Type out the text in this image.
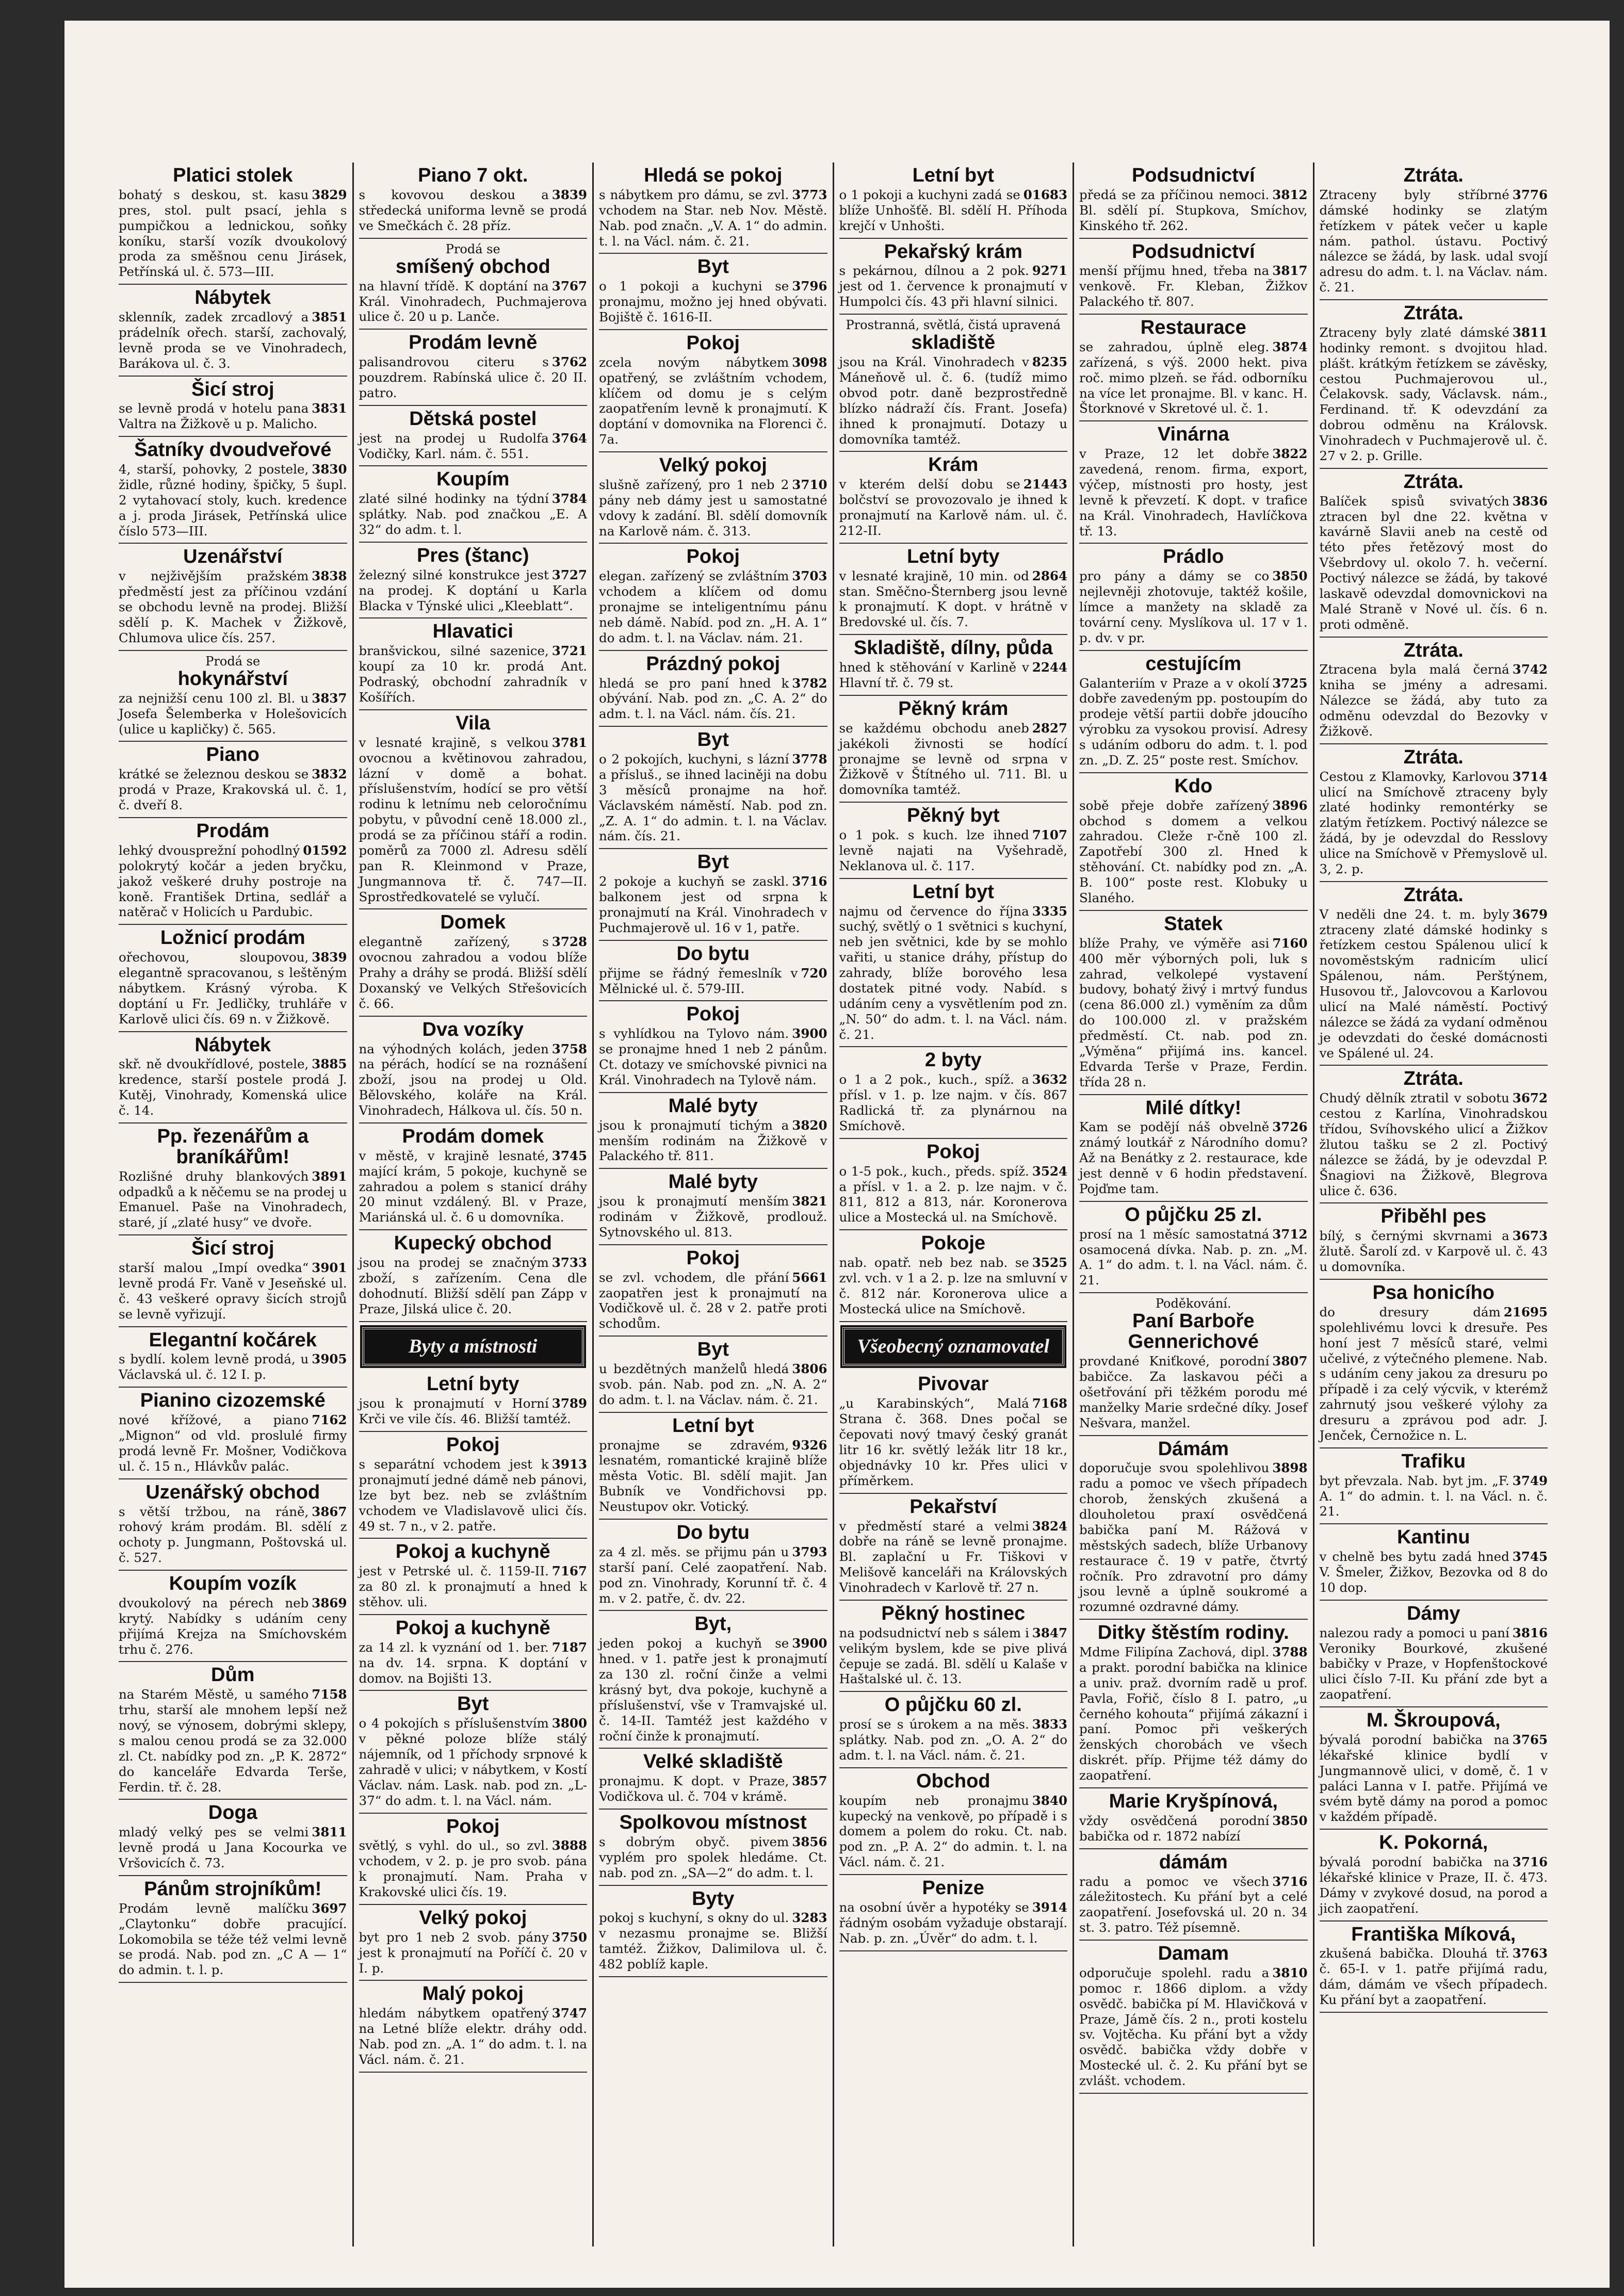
Platici stolek
3829
bohatý s deskou, st. kasu pres, stol. pult psací, jehla s pumpičkou a lednickou, soňky koníku, starší vozík dvoukolový proda za směšnou cenu Jirásek, Petřínská ul. č. 573—III.
Nábytek
3851
sklenník, zadek zrcadlový a prádelník ořech. starší, zachovalý, levně proda se ve Vinohradech, Barákova ul. č. 3.
Šicí stroj
3831
se levně prodá v hotelu pana Valtra na Žižkově u p. Malicho.
Šatníky dvoudveřové
3830
4, starší, pohovky, 2 postele, židle, různé hodiny, špičky, 5 šupl. 2 vytahovací stoly, kuch. kredence a j. proda Jirásek, Petřínská ulice číslo 573—III.
Uzenářství
3838
v nejživějším pražském předměstí jest za příčinou vzdání se obchodu levně na prodej. Bližší sdělí p. K. Machek v Žižkově, Chlumova ulice čís. 257.
Prodá se
hokynářství
3837
za nejnižší cenu 100 zl. Bl. u Josefa Šelemberka v Holešovicích (ulice u kapličky) č. 565.
Piano
3832
krátké se železnou deskou se prodá v Praze, Krakovská ul. č. 1, č. dveří 8.
Prodám
01592
lehký dvousprežní pohodlný polokrytý kočár a jeden bryčku, jakož veškeré druhy postroje na koně. František Drtina, sedlář a natěrač v Holicích u Pardubic.
Ložnicí prodám
3839
ořechovou, sloupovou, elegantně spracovanou, s leštěným nábytkem. Krásný výroba. K doptání u Fr. Jedličky, truhláře v Karlově ulici čís. 69 n. v Žižkově.
Nábytek
3885
skř. ně dvoukřídlové, postele, kredence, starší postele prodá J. Kutěj, Vinohrady, Komenská ulice č. 14.
Pp. řezenářům a braníkářům!
3891
Rozlišné druhy blankových odpadků a k něčemu se na prodej u Emanuel. Paše na Vinohradech, staré, jí „zlaté husy“ ve dvoře.
Šicí stroj
3901
starší malou „Impí ovedka“ levně prodá Fr. Vaně v Jeseňské ul. č. 43 veškeré opravy šicích strojů se levně vyřizují.
Elegantní kočárek
3905
s bydlí. kolem levně prodá, u Václavská ul. č. 12 I. p.
Pianino cizozemské
7162
nové křížové, a piano „Mignon“ od vld. proslulé firmy prodá levně Fr. Mošner, Vodičkova ul. č. 15 n., Hlávkův palác.
Uzenářský obchod
3867
s větší tržbou, na ráně, rohový krám prodám. Bl. sdělí z ochoty p. Jungmann, Poštovská ul. č. 527.
Koupím vozík
3869
dvoukolový na pérech neb krytý. Nabídky s udáním ceny přijímá Krejza na Smíchovském trhu č. 276.
Dům
7158
na Starém Městě, u samého trhu, starší ale mnohem lepší než nový, se výnosem, dobrými sklepy, s malou cenou prodá se za 32.000 zl. Ct. nabídky pod zn. „P. K. 2872“ do kanceláře Edvarda Terše, Ferdin. tř. č. 28.
Doga
3811
mladý velký pes se velmi levně prodá u Jana Kocourka ve Vršovicích č. 73.
Pánům strojníkům!
3697
Prodám levně malíčku „Claytonku“ dobře pracující. Lokomobila se téže též velmi levně se prodá. Nab. pod zn. „C A — 1“ do admin. t. l. p.
Piano 7 okt.
3839
s kovovou deskou a středecká uniforma levně se prodá ve Smečkách č. 28 příz.
Prodá se
smíšený obchod
3767
na hlavní třídě. K doptání na Král. Vinohradech, Puchmajerova ulice č. 20 u p. Lanče.
Prodám levně
3762
palisandrovou citeru s pouzdrem. Rabínská ulice č. 20 II. patro.
Dětská postel
3764
jest na prodej u Rudolfa Vodičky, Karl. nám. č. 551.
Koupím
3784
zlaté silné hodinky na týdní splátky. Nab. pod značkou „E. A 32“ do adm. t. l.
Pres (štanc)
3727
železný silné konstrukce jest na prodej. K doptání u Karla Blacka v Týnské ulici „Kleeblatt“.
Hlavatici
3721
branšvickou, silné sazenice, koupí za 10 kr. prodá Ant. Podraský, obchodní zahradník v Košířích.
Vila
3781
v lesnaté krajině, s velkou ovocnou a květinovou zahradou, lázní v domě a bohat. příslušenstvím, hodící se pro větší rodinu k letnímu neb celoročnímu pobytu, v původní ceně 18.000 zl., prodá se za příčinou stáří a rodin. poměrů za 7000 zl. Adresu sdělí pan R. Kleinmond v Praze, Jungmannova tř. č. 747—II. Sprostředkovatelé se vylučí.
Domek
3728
elegantně zařízený, s ovocnou zahradou a vodou blíže Prahy a dráhy se prodá. Bližší sdělí Doxanský ve Velkých Střešovicích č. 66.
Dva vozíky
3758
na výhodných kolách, jeden na pérách, hodící se na roznášení zboží, jsou na prodej u Old. Bělovského, koláře na Král. Vinohradech, Hálkova ul. čís. 50 n.
Prodám domek
3745
v městě, v krajině lesnaté, mající krám, 5 pokoje, kuchyně se zahradou a polem s stanicí dráhy 20 minut vzdálený. Bl. v Praze, Mariánská ul. č. 6 u domovníka.
Kupecký obchod
3733
jsou na prodej se značným zboží, s zařízením. Cena dle dohodnutí. Bližší sdělí pan Zápp v Praze, Jilská ulice č. 20.
Byty a místnosti
Letní byty
3789
jsou k pronajmutí v Horní Krči ve vile čís. 46. Bližší tamtéž.
Pokoj
3913
s separátní vchodem jest k pronajmutí jedné dámě neb pánovi, lze byt bez. neb se zvláštním vchodem ve Vladislavově ulici čís. 49 st. 7 n., v 2. patře.
Pokoj a kuchyně
7167
jest v Petrské ul. č. 1159-II. za 80 zl. k pronajmutí a hned k stěhov. uli.
Pokoj a kuchyně
7187
za 14 zl. k vyznání od 1. ber. na dv. 14. srpna. K doptání v domov. na Bojišti 13.
Byt
3800
o 4 pokojích s příslušenstvím v pěkné poloze blíže stálý nájemník, od 1 příchody srpnové k zahradě v ulici; v nábytkem, v Kostí Václav. nám. Lask. nab. pod zn. „L-37“ do adm. t. l. na Václ. nám.
Pokoj
3888
světlý, s vyhl. do ul., so zvl. vchodem, v 2. p. je pro svob. pána k pronajmutí. Nam. Praha v Krakovské ulici čís. 19.
Velký pokoj
3750
byt pro 1 neb 2 svob. pány jest k pronajmutí na Poříčí č. 20 v I. p.
Malý pokoj
3747
hledám nábytkem opatřený na Letné blíže elektr. dráhy odd. Nab. pod zn. „A. 1“ do adm. t. l. na Václ. nám. č. 21.
Hledá se pokoj
3773
s nábytkem pro dámu, se zvl. vchodem na Star. neb Nov. Městě. Nab. pod značn. „V. A. 1“ do admin. t. l. na Václ. nám. č. 21.
Byt
3796
o 1 pokoji a kuchyni se pronajmu, možno jej hned obývati. Bojiště č. 1616-II.
Pokoj
3098
zcela novým nábytkem opatřený, se zvláštním vchodem, klíčem od domu je s celým zaopatřením levně k pronajmutí. K doptání v domovnika na Florenci č. 7a.
Velký pokoj
3710
slušně zařízený, pro 1 neb 2 pány neb dámy jest u samostatné vdovy k zadání. Bl. sdělí domovník na Karlově nám. č. 313.
Pokoj
3703
elegan. zařízený se zvláštním vchodem a klíčem od domu pronajme se inteligentnímu pánu neb dámě. Nabíd. pod zn. „H. A. 1“ do adm. t. l. na Václav. nám. 21.
Prázdný pokoj
3782
hledá se pro paní hned k obývání. Nab. pod zn. „C. A. 2“ do adm. t. l. na Václ. nám. čís. 21.
Byt
3778
o 2 pokojích, kuchyni, s lázní a přísluš., se ihned laciněji na dobu 3 měsíců pronajme na hoř. Václavském náměstí. Nab. pod zn. „Z. A. 1“ do admin. t. l. na Václav. nám. čís. 21.
Byt
3716
2 pokoje a kuchyň se zaskl. balkonem jest od srpna k pronajmutí na Král. Vinohradech v Puchmajerově ul. 16 v 1, patře.
Do bytu
720
přijme se řádný řemeslník v Mělnické ul. č. 579-III.
Pokoj
3900
s vyhlídkou na Tylovo nám. se pronajme hned 1 neb 2 pánům. Ct. dotazy ve smíchovské pivnici na Král. Vinohradech na Tylově nám.
Malé byty
3820
jsou k pronajmutí tichým a menším rodinám na Žižkově v Palackého tř. 811.
Malé byty
3821
jsou k pronajmutí menším rodinám v Žižkově, prodlouž. Sytnovského ul. 813.
Pokoj
5661
se zvl. vchodem, dle přání zaopatřen jest k pronajmutí na Vodičkově ul. č. 28 v 2. patře proti schodům.
Byt
3806
u bezdětných manželů hledá svob. pán. Nab. pod zn. „N. A. 2“ do adm. t. l. na Václav. nám. č. 21.
Letní byt
9326
pronajme se zdravém, lesnatém, romantické krajině blíže města Votic. Bl. sdělí majit. Jan Bubník ve Vondřichovsi pp. Neustupov okr. Votický.
Do bytu
3793
za 4 zl. měs. se přijmu pán u starší paní. Celé zaopatření. Nab. pod zn. Vinohrady, Korunní tř. č. 4 m. v 2. patře, č. dv. 22.
Byt,
3900
jeden pokoj a kuchyň se hned. v 1. patře jest k pronajmutí za 130 zl. roční činže a velmi krásný byt, dva pokoje, kuchyně a příslušenství, vše v Tramvajské ul. č. 14-II. Tamtéž jest každého v roční činže k pronajmutí.
Velké skladiště
3857
pronajmu. K dopt. v Praze, Vodičkova ul. č. 704 v krámě.
Spolkovou místnost
3856
s dobrým obyč. pivem vyplém pro spolek hledáme. Ct. nab. pod zn. „SA—2“ do adm. t. l.
Byty
3283
pokoj s kuchyní, s okny do ul. v nezasmu pronajme se. Bližší tamtéž. Žižkov, Dalimilova ul. č. 482 poblíž kaple.
Letní byt
01683
o 1 pokoji a kuchyni zadá se blíže Unhošťě. Bl. sdělí H. Příhoda krejčí v Unhošti.
Pekařský krám
9271
s pekárnou, dílnou a 2 pok. jest od 1. července k pronajmutí v Humpolci čís. 43 při hlavní silnici.
Prostranná, světlá, čistá upravená
skladiště
8235
jsou na Král. Vinohradech v Máneňově ul. č. 6. (tudíž mimo obvod potr. daně bezprostředně blízko nádraží čís. Frant. Josefa) ihned k pronajmutí. Dotazy u domovníka tamtéž.
Krám
21443
v kterém delší dobu se bolčství se provozovalo je ihned k pronajmutí na Karlově nám. ul. č. 212-II.
Letní byty
2864
v lesnaté krajině, 10 min. od stan. Směčno-Šternberg jsou levně k pronajmutí. K dopt. v hrátně v Bredovské ul. čís. 7.
Skladiště, dílny, půda
2244
hned k stěhování v Karlině v Hlavní tř. č. 79 st.
Pěkný krám
2827
se každému obchodu aneb jakékoli živnosti se hodící pronajme se levně od srpna v Žižkově v Štítného ul. 711. Bl. u domovníka tamtéž.
Pěkný byt
7107
o 1 pok. s kuch. lze ihned levně najati na Vyšehradě, Neklanova ul. č. 117.
Letní byt
3335
najmu od července do října suchý, světlý o 1 světnici s kuchyní, neb jen světnici, kde by se mohlo vařiti, u stanice dráhy, přístup do zahrady, blíže borového lesa dostatek pitné vody. Nabíd. s udáním ceny a vysvětlením pod zn. „N. 50“ do adm. t. l. na Václ. nám. č. 21.
2 byty
3632
o 1 a 2 pok., kuch., spíž. a přísl. v 1. p. lze najm. v čís. 867 Radlická tř. za plynárnou na Smíchově.
Pokoj
3524
o 1-5 pok., kuch., předs. spíž. a přísl. v 1. a 2. p. lze najm. v č. 811, 812 a 813, nár. Koronerova ulice a Mostecká ul. na Smíchově.
Pokoje
3525
nab. opatř. neb bez nab. se zvl. vch. v 1 a 2. p. lze na smluvní v č. 812 nár. Koronerova ulice a Mostecká ulice na Smíchově.
Všeobecný oznamovatel
Pivovar
7168
„u Karabinských“, Malá Strana č. 368. Dnes počal se čepovati nový tmavý český granát litr 16 kr. světlý ležák litr 18 kr., objednávky 10 kr. Přes ulici v příměrkem.
Pekařství
3824
v předměstí staré a velmi dobře na ráně se levně pronajme. Bl. zaplační u Fr. Tiškovi v Melišově kanceláři na Královských Vinohradech v Karlově tř. 27 n.
Pěkný hostinec
3847
na podsudnictví neb s sálem i velikým byslem, kde se pive plivá čepuje se zadá. Bl. sdělí u Kalaše v Haštalské ul. č. 13.
O půjčku 60 zl.
3833
prosí se s úrokem a na měs. splátky. Nab. pod zn. „O. A. 2“ do adm. t. l. na Václ. nám. č. 21.
Obchod
3840
koupím neb pronajmu kupecký na venkově, po případě i s domem a polem do roku. Ct. nab. pod zn. „P. A. 2“ do admin. t. l. na Václ. nám. č. 21.
Penize
3914
na osobní úvěr a hypotéky se řádným osobám vyžaduje obstarají. Nab. p. zn. „Úvěr“ do adm. t. l.
Podsudnictví
3812
předá se za příčinou nemoci. Bl. sdělí pí. Stupkova, Smíchov, Kinského tř. 262.
Podsudnictví
3817
menší příjmu hned, třeba na venkově. Fr. Kleban, Žižkov Palackého tř. 807.
Restaurace
3874
se zahradou, úplně eleg. zařízená, s výš. 2000 hekt. piva roč. mimo plzeň. se řád. odborníku na více let pronajme. Bl. v kanc. H. Štorknové v Skretové ul. č. 1.
Vinárna
3822
v Praze, 12 let dobře zavedená, renom. firma, export, výčep, místnosti pro hosty, jest levně k převzetí. K dopt. v trafice na Král. Vinohradech, Havlíčkova tř. 13.
Prádlo
3850
pro pány a dámy se co nejlevněji zhotovuje, taktéž košile, límce a manžety na skladě za tovární ceny. Myslíkova ul. 17 v 1. p. dv. v pr.
cestujícím
3725
Galanteriím v Praze a v okolí dobře zavedeným pp. postoupím do prodeje větší partii dobře jdoucího výrobku za vysokou provisí. Adresy s udáním odboru do adm. t. l. pod zn. „D. Z. 25“ poste rest. Smíchov.
Kdo
3896
sobě přeje dobře zařízený obchod s domem a velkou zahradou. Cleže r-čně 100 zl. Zapotřebí 300 zl. Hned k stěhování. Ct. nabídky pod zn. „A. B. 100“ poste rest. Klobuky u Slaného.
Statek
7160
blíže Prahy, ve výměře asi 400 měr výborných poli, luk s zahrad, velkolepé vystavení budovy, bohatý živý i mrtvý fundus (cena 86.000 zl.) vyměním za dům do 100.000 zl. v pražském předměstí. Ct. nab. pod zn. „Výměna“ přijímá ins. kancel. Edvarda Terše v Praze, Ferdin. třída 28 n.
Milé dítky!
3726
Kam se podějí náš obvelně známý loutkář z Národního domu? Až na Benátky z 2. restaurace, kde jest denně v 6 hodin představení. Pojďme tam.
O půjčku 25 zl.
3712
prosí na 1 měsíc samostatná osamocená dívka. Nab. p. zn. „M. A. 1“ do adm. t. l. na Václ. nám. č. 21.
Poděkování.
Paní Barboře Gennerichové
3807
provdané Kniťkové, porodní babičce. Za laskavou péči a ošetřování při těžkém porodu mé manželky Marie srdečné díky. Josef Nešvara, manžel.
Dámám
3898
doporučuje svou spolehlivou radu a pomoc ve všech případech chorob, ženských zkušená a dlouholetou praxí osvědčená babička paní M. Rážová v městských sadech, blíže Urbanovy restaurace č. 19 v patře, čtvrtý ročník. Pro zdravotní pro dámy jsou levně a úplně soukromé a rozumné ozdravné dámy.
Ditky štěstím rodiny.
3788
Mdme Filipína Zachová, dipl. a prakt. porodní babička na klinice a univ. praž. dvorním radě u prof. Pavla, Fořič, číslo 8 I. patro, „u černého kohouta“ přijímá zákazní i paní. Pomoc při veškerých ženských chorobách ve všech diskrét. příp. Přijme též dámy do zaopatření.
Marie Kryšpínová,
3850
vždy osvědčená porodní babička od r. 1872 nabízí
dámám
3716
radu a pomoc ve všech záležitostech. Ku přání byt a celé zaopatření. Josefovská ul. 20 n. 34 st. 3. patro. Též písemně.
Damam
3810
odporučuje spolehl. radu a pomoc r. 1866 diplom. a vždy osvědč. babička pí M. Hlavičková v Praze, Jámě čís. 2 n., proti kostelu sv. Vojtěcha. Ku přání byt a vždy osvědč. babička vždy dobře v Mostecké ul. č. 2. Ku přání byt se zvlášt. vchodem.
Ztráta.
3776
Ztraceny byly stříbrné dámské hodinky se zlatým řetízkem v pátek večer u kaple nám. pathol. ústavu. Poctivý nálezce se žádá, by lask. udal svojí adresu do adm. t. l. na Václav. nám. č. 21.
Ztráta.
3811
Ztraceny byly zlaté dámské hodinky remont. s dvojitou hlad. plášt. krátkým řetízkem se závěsky, cestou Puchmajerovou ul., Čelakovsk. sady, Václavsk. nám., Ferdinand. tř. K odevzdání za dobrou odměnu na Královsk. Vinohradech v Puchmajerově ul. č. 27 v 2. p. Grille.
Ztráta.
3836
Balíček spisů svivatých ztracen byl dne 22. května v kavárně Slavii aneb na cestě od této přes řetězový most do Všebrdovy ul. okolo 7. h. večerní. Poctivý nálezce se žádá, by takové laskavě odevzdal domovnickovi na Malé Straně v Nové ul. čís. 6 n. proti odměně.
Ztráta.
3742
Ztracena byla malá černá kniha se jmény a adresami. Nálezce se žádá, aby tuto za odměnu odevzdal do Bezovky v Žižkově.
Ztráta.
3714
Cestou z Klamovky, Karlovou ulicí na Smíchově ztraceny byly zlaté hodinky remontérky se zlatým řetízkem. Poctivý nálezce se žádá, by je odevzdal do Resslovy ulice na Smíchově v Přemyslově ul. 3, 2. p.
Ztráta.
3679
V neděli dne 24. t. m. byly ztraceny zlaté dámské hodinky s řetízkem cestou Spálenou ulicí k novoměstským radnicím ulicí Spálenou, nám. Perštýnem, Husovou tř., Jalovcovou a Karlovou ulicí na Malé náměstí. Poctivý nálezce se žádá za vydaní odměnou je odevzdati do české domácnosti ve Spálené ul. 24.
Ztráta.
3672
Chudý dělník ztratil v sobotu cestou z Karlína, Vinohradskou třídou, Svíhovského ulicí a Žižkov žlutou tašku se 2 zl. Poctivý nálezce se žádá, by je odevzdal P. Šnagiovi na Žižkově, Blegrova ulice č. 636.
Přiběhl pes
3673
bílý, s černými skvrnami a žlutě. Šarolí zd. v Karpově ul. č. 43 u domovníka.
Psa honicího
21695
do dresury dám spolehlivému lovci k dresuře. Pes honí jest 7 měsíců staré, velmi učelivé, z výtečného plemene. Nab. s udáním ceny jakou za dresuru po případě i za celý výcvik, v kterémž zahrnutý jsou veškeré výlohy za dresuru a zprávou pod adr. J. Jenček, Černožice n. L.
Trafiku
3749
byt převzala. Nab. byt jm. „F. A. 1“ do admin. t. l. na Václ. n. č. 21.
Kantinu
3745
v chelně bes bytu zadá hned V. Šmeler, Žižkov, Bezovka od 8 do 10 dop.
Dámy
3816
nalezou rady a pomoci u paní Veroniky Bourkové, zkušené babičky v Praze, v Hopfenštockové ulici číslo 7-II. Ku přání zde byt a zaopatření.
M. Škroupová,
3765
bývalá porodní babička na lékařské klinice bydlí v Jungmannově ulici, v domě, č. 1 v paláci Lanna v I. patře. Přijímá ve svém bytě dámy na porod a pomoc v každém případě.
K. Pokorná,
3716
bývalá porodní babička na lékařské klinice v Praze, II. č. 473. Dámy v zvykové dosud, na porod a jich zaopatření.
Františka Míková,
3763
zkušená babička. Dlouhá tř. č. 65-I. v 1. patře přijímá radu, dám, dámám ve všech případech. Ku přání byt a zaopatření.
